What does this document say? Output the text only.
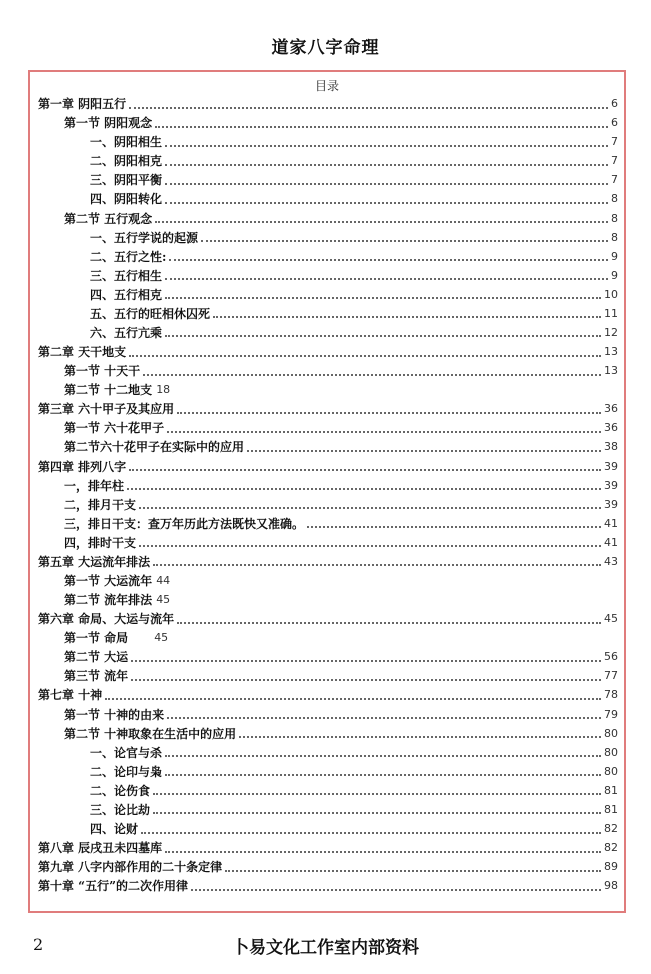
道家八字命理
目录
第一章 阴阳五行	6
第一节 阴阳观念	6
一、阴阳相生	7
二、阴阳相克	7
三、阴阳平衡	7
四、阴阳转化	8
第二节 五行观念	8
一、五行学说的起源	8
二、五行之性:	9
三、五行相生	9
四、五行相克	10
五、五行的旺相休囚死	11
六、五行亢乘	12
第二章 天干地支	13
第一节 十天干	13
第二节 十二地支 18
第三章 六十甲子及其应用	36
第一节 六十花甲子	36
第二节六十花甲子在实际中的应用	38
第四章 排列八字	39
一，排年柱	39
二，排月干支	39
三，排日干支：查万年历此方法既快又准确。	41
四，排时干支	41
第五章 大运流年排法	43
第一节 大运流年 44
第二节 流年排法 45
第六章 命局、大运与流年	45
第一节 命局 45
第二节 大运	56
第三节 流年	77
第七章 十神	78
第一节 十神的由来	79
第二节 十神取象在生活中的应用	80
一、论官与杀	80
二、论印与枭	80
二、论伤食	81
三、论比劫	81
四、论财	82
第八章 辰戌丑未四墓库	82
第九章 八字内部作用的二十条定律	89
第十章 “五行”的二次作用律	98
2	卜易文化工作室内部资料
